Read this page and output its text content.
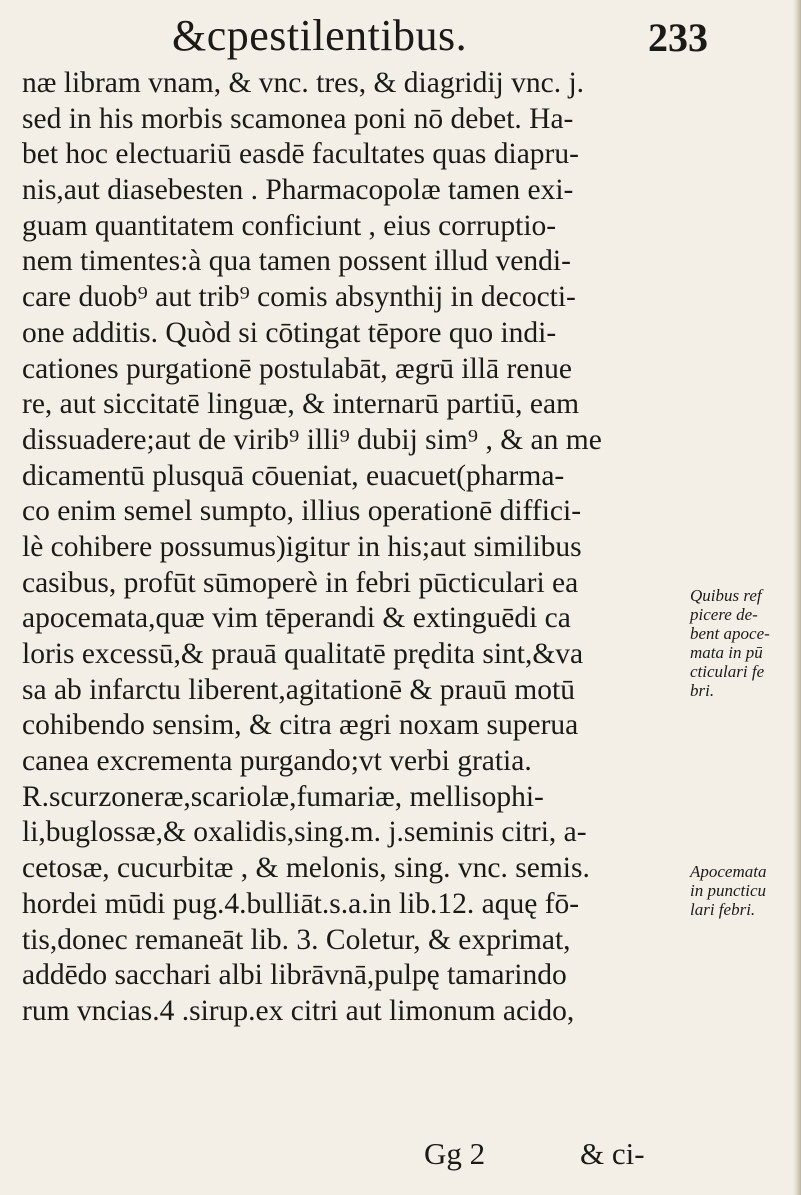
&cpestilentibus.	233
næ libram vnam, & vnc. tres, & diagridij vnc. j.
sed in his morbis scamonea poni nō debet. Ha-
bet hoc electuariū easdē facultates quas diapru-
nis,aut diasebesten . Pharmacopolæ tamen exi-
guam quantitatem conficiunt , eius corruptio-
nem timentes:à qua tamen possent illud vendi-
care duob⁹ aut trib⁹ comis absynthij in decocti-
one additis. Quòd si cōtingat tēpore quo indi-
cationes purgationē postulabāt, ægrū illā renue
re, aut siccitatē linguæ, & internarū partiū, eam
dissuadere;aut de virib⁹ illi⁹ dubij sim⁹ , & an me
dicamentū plusquā cōueniat, euacuet(pharma-
co enim semel sumpto, illius operationē diffici-
lè cohibere possumus)igitur in his;aut similibus
casibus, profūt sūmoperè in febri pūcticulari ea
apocemata,quæ vim tēperandi & extinguēdi ca
loris excessū,& prauā qualitatē prędita sint,&va
sa ab infarctu liberent,agitationē & prauū motū
cohibendo sensim, & citra ægri noxam superua
canea excrementa purgando;vt verbi gratia.
R.scurzoneræ,scariolæ,fumariæ, mellisophi-
li,buglossæ,& oxalidis,sing.m. j.seminis citri, a-
cetosæ, cucurbitæ , & melonis, sing. vnc. semis.
hordei mūdi pug.4.bulliāt.s.a.in lib.12. aquę fō-
tis,donec remaneāt lib. 3. Coletur, & exprimat,
addēdo sacchari albi librāvnā,pulpę tamarindo
rum vncias.4 .sirup.ex citri aut limonum acido,
Quibus ref
picere de-
bent apoce-
mata in pū
cticulari fe
bri.
Apocemata
in puncticu
lari febri.
Gg 2	& ci-
